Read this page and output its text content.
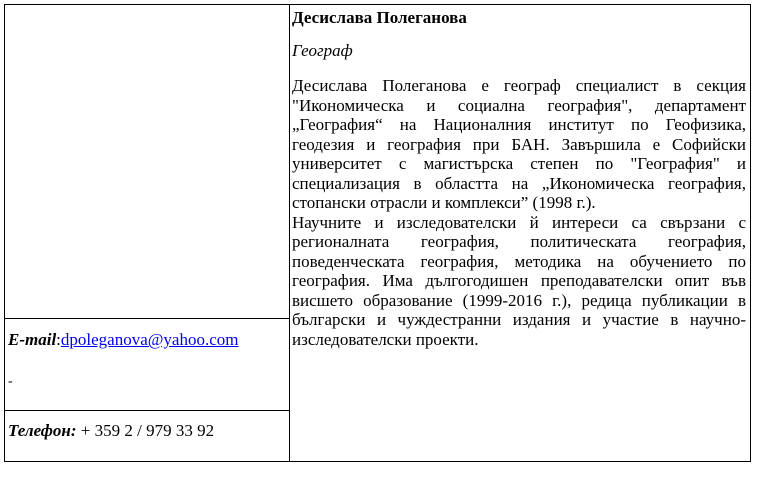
Десислава Полеганова

Географ

Десислава Полеганова е географ специалист в секция "Икономическа и социална география", департамент „География“ на Националния институт по Геофизика, геодезия и география при БАН. Завършила е Софийски университет с магистърска степен по "География" и специализация в областта на „Икономическа география, стопански отрасли и комплекси” (1998 г.).
Научните и изследователски й интереси са свързани с регионалната география, политическата география, поведенческата география, методика на обучението по география. Има дългогодишен преподавателски опит във висшето образование (1999-2016 г.), редица публикации в български и чуждестранни издания и участие в научно-изследователски проекти.

E-mail:dpoleganova@yahoo.com
-

Телефон: + 359 2 / 979 33 92
